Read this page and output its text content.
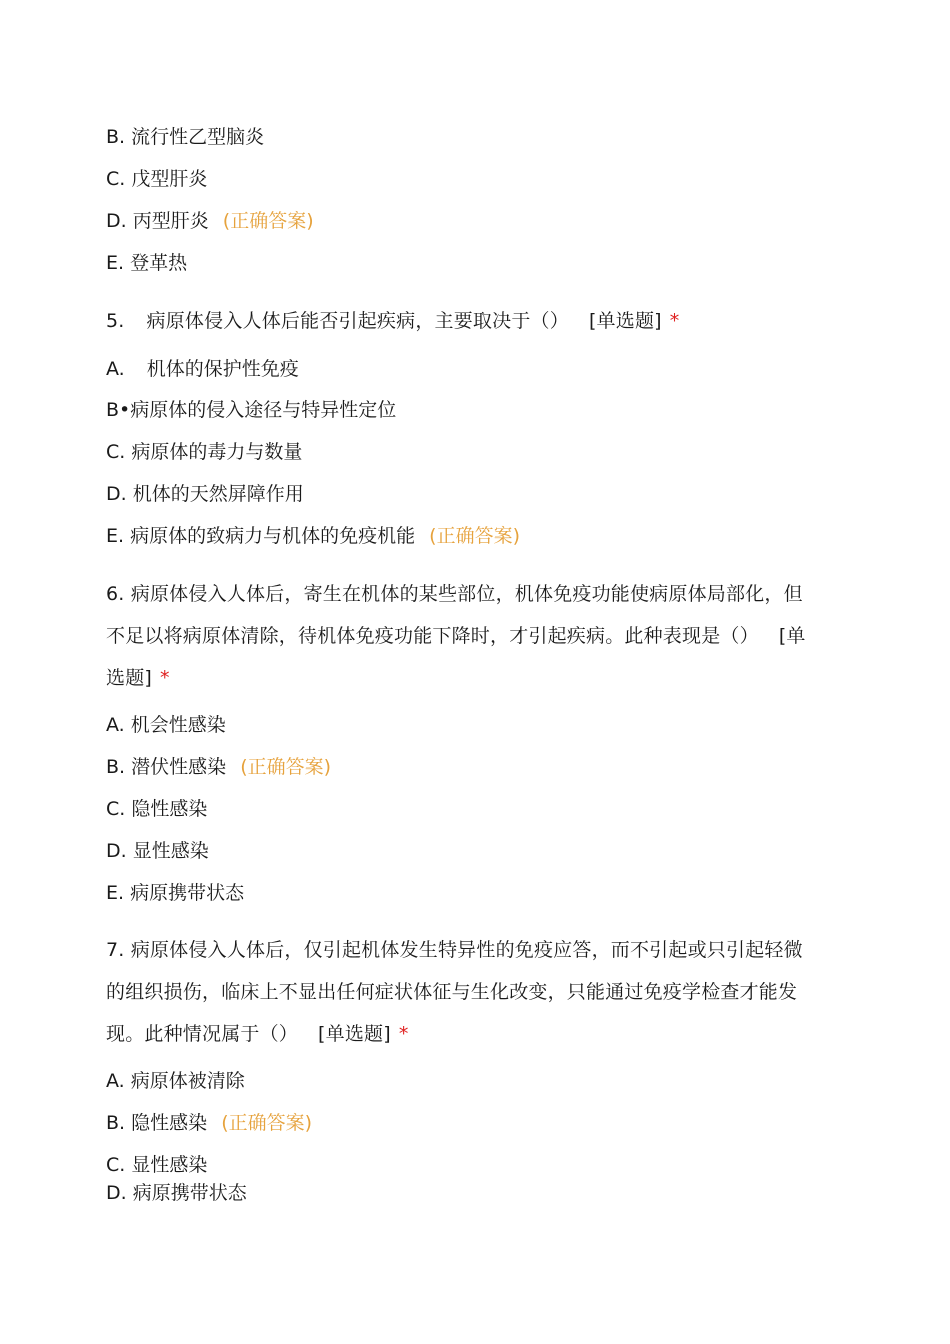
B. 流行性乙型脑炎
C. 戊型肝炎
D. 丙型肝炎 (正确答案)
E. 登革热
5. 病原体侵入人体后能否引起疾病，主要取决于（） [单选题] *
A. 机体的保护性免疫
B•病原体的侵入途径与特异性定位
C. 病原体的毒力与数量
D. 机体的天然屏障作用
E. 病原体的致病力与机体的免疫机能 (正确答案)
6. 病原体侵入人体后，寄生在机体的某些部位，机体免疫功能使病原体局部化，但
不足以将病原体清除，待机体免疫功能下降时，才引起疾病。此种表现是（） [单
选题] *
A. 机会性感染
B. 潜伏性感染 (正确答案)
C. 隐性感染
D. 显性感染
E. 病原携带状态
7. 病原体侵入人体后，仅引起机体发生特异性的免疫应答，而不引起或只引起轻微
的组织损伤，临床上不显出任何症状体征与生化改变，只能通过免疫学检查才能发
现。此种情况属于（） [单选题] *
A. 病原体被清除
B. 隐性感染 (正确答案)
C. 显性感染
D. 病原携带状态
